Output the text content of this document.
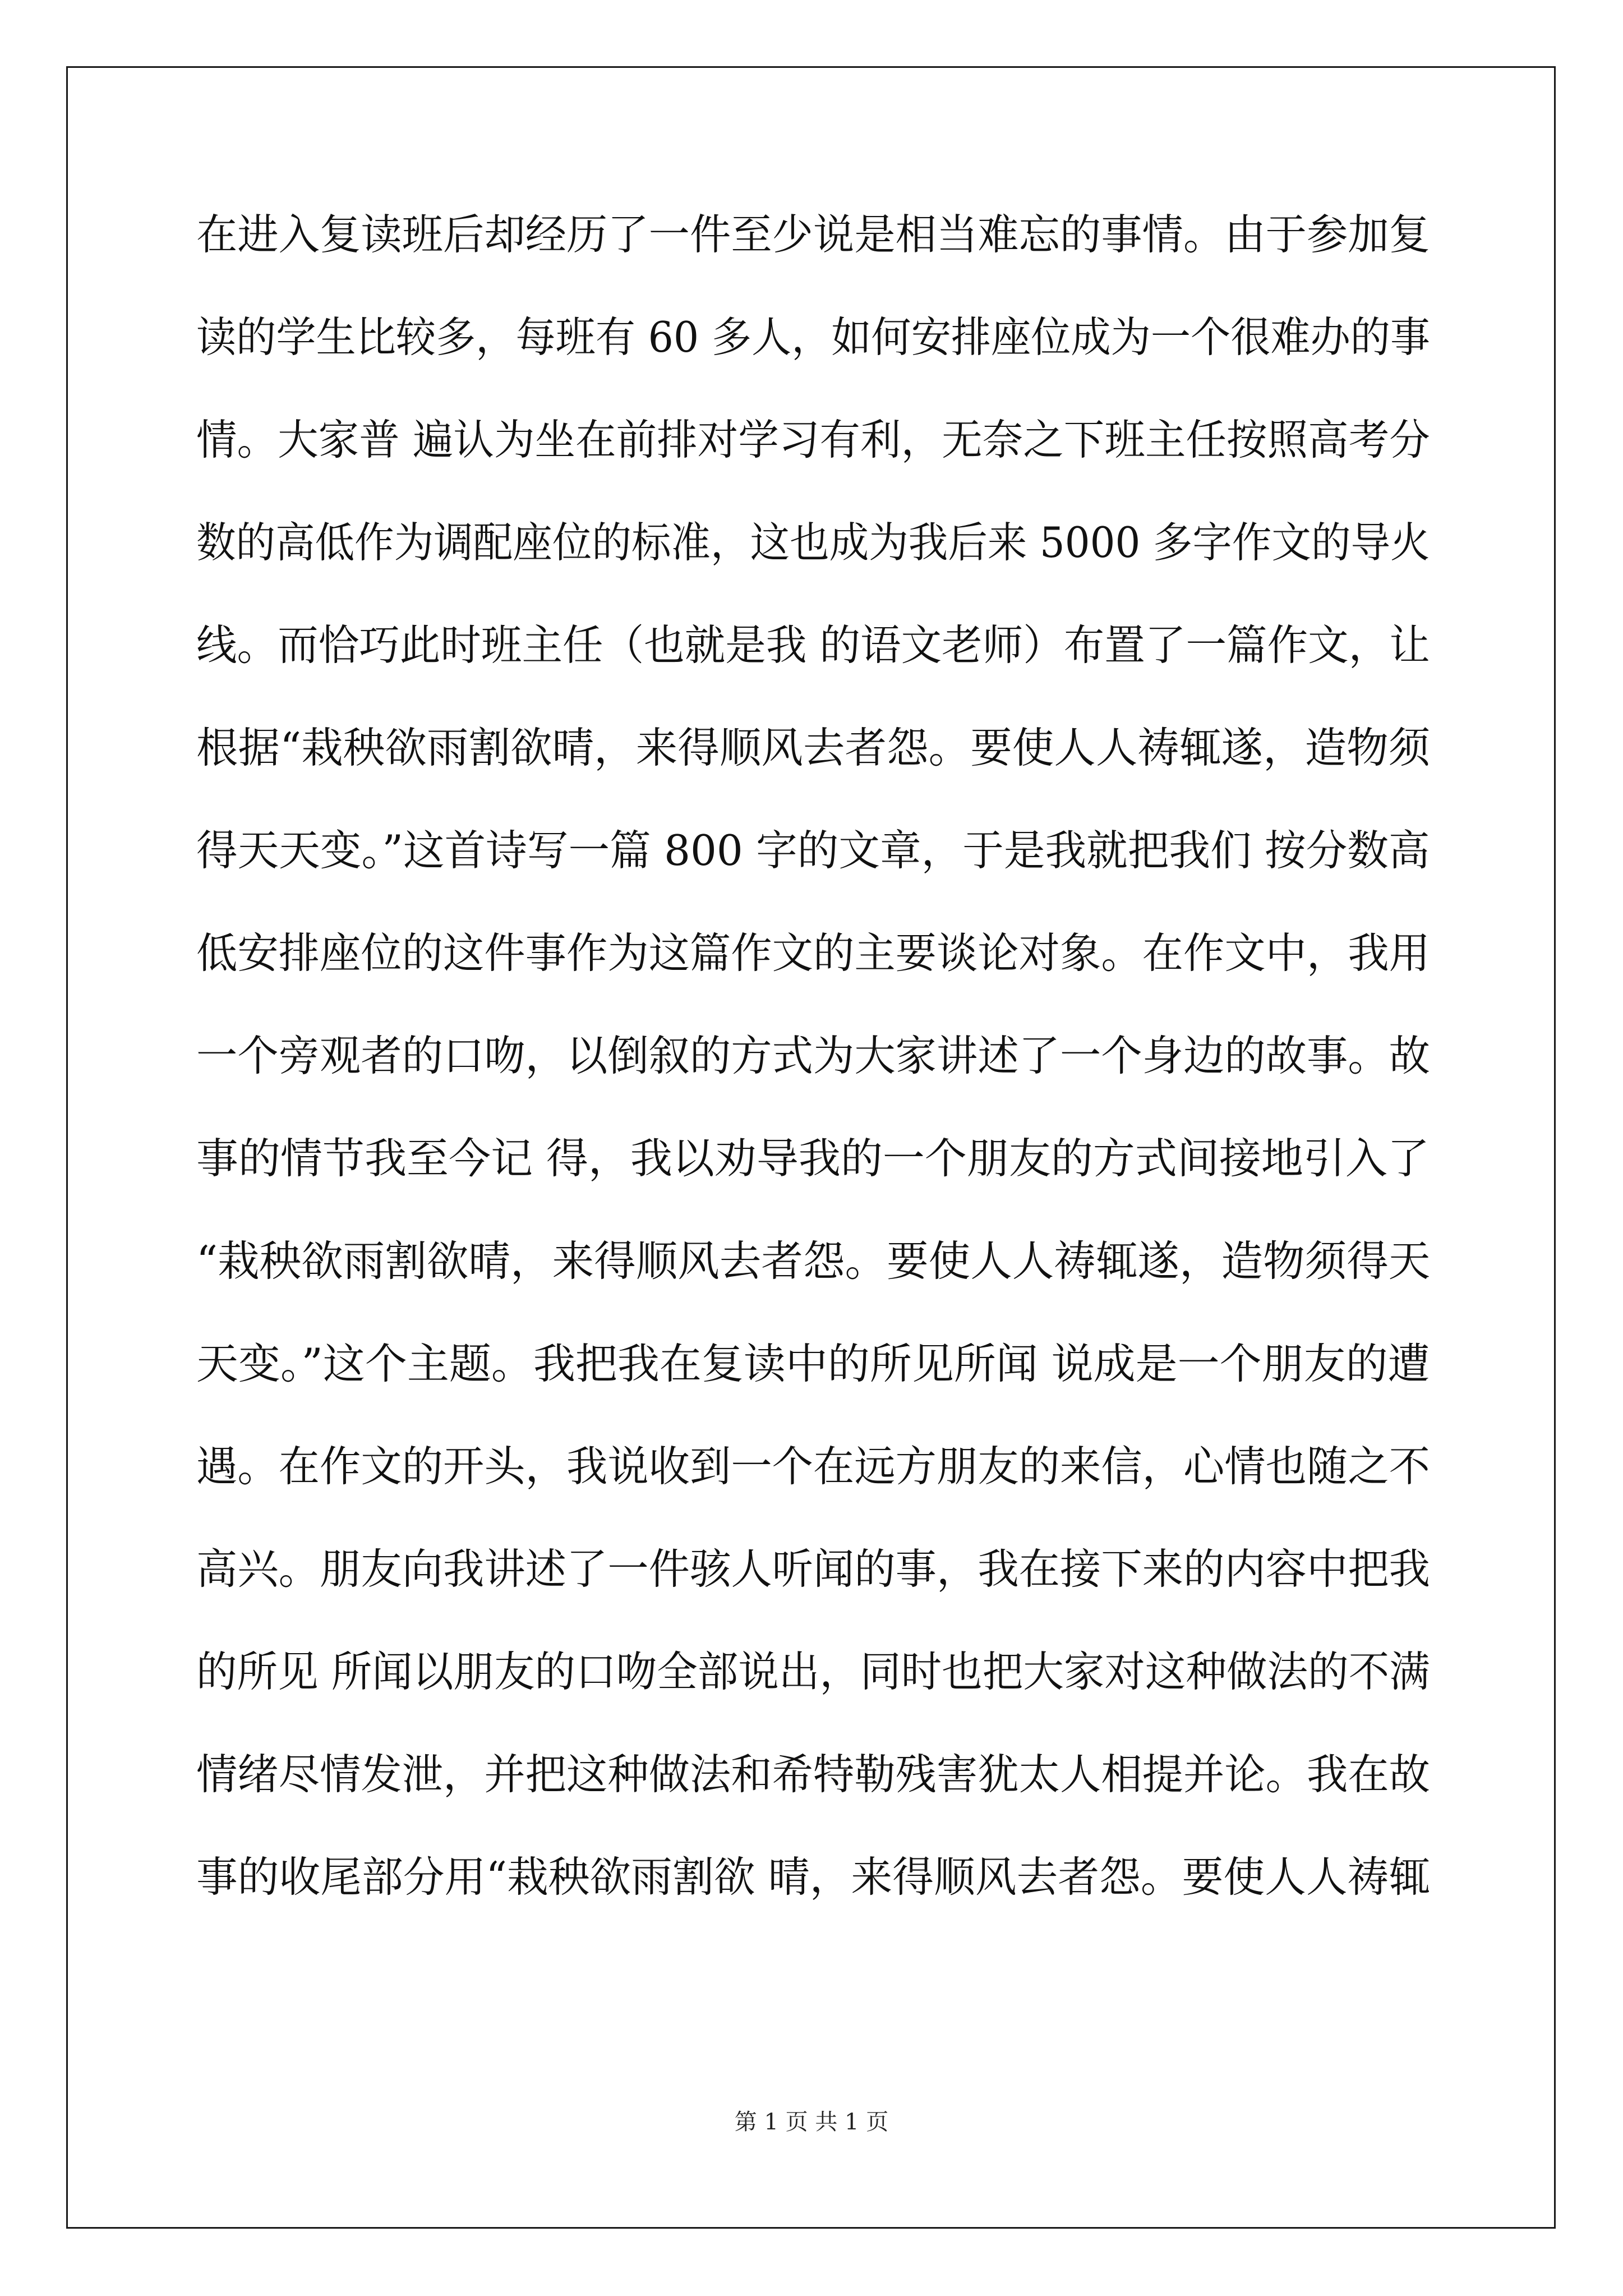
在进入复读班后却经历了一件至少说是相当难忘的事情。由于参加复
读的学生比较多，每班有 60 多人，如何安排座位成为一个很难办的事
情。大家普 遍认为坐在前排对学习有利，无奈之下班主任按照高考分
数的高低作为调配座位的标准，这也成为我后来 5000 多字作文的导火
线。而恰巧此时班主任（也就是我 的语文老师）布置了一篇作文，让
根据“栽秧欲雨割欲晴，来得顺风去者怨。要使人人祷辄遂，造物须
得天天变。”这首诗写一篇 800 字的文章，于是我就把我们 按分数高
低安排座位的这件事作为这篇作文的主要谈论对象。在作文中，我用
一个旁观者的口吻，以倒叙的方式为大家讲述了一个身边的故事。故
事的情节我至今记 得，我以劝导我的一个朋友的方式间接地引入了
“栽秧欲雨割欲晴，来得顺风去者怨。要使人人祷辄遂，造物须得天
天变。”这个主题。我把我在复读中的所见所闻 说成是一个朋友的遭
遇。在作文的开头，我说收到一个在远方朋友的来信，心情也随之不
高兴。朋友向我讲述了一件骇人听闻的事，我在接下来的内容中把我
的所见 所闻以朋友的口吻全部说出，同时也把大家对这种做法的不满
情绪尽情发泄，并把这种做法和希特勒残害犹太人相提并论。我在故
事的收尾部分用“栽秧欲雨割欲 晴，来得顺风去者怨。要使人人祷辄
第 1 页 共 1 页
